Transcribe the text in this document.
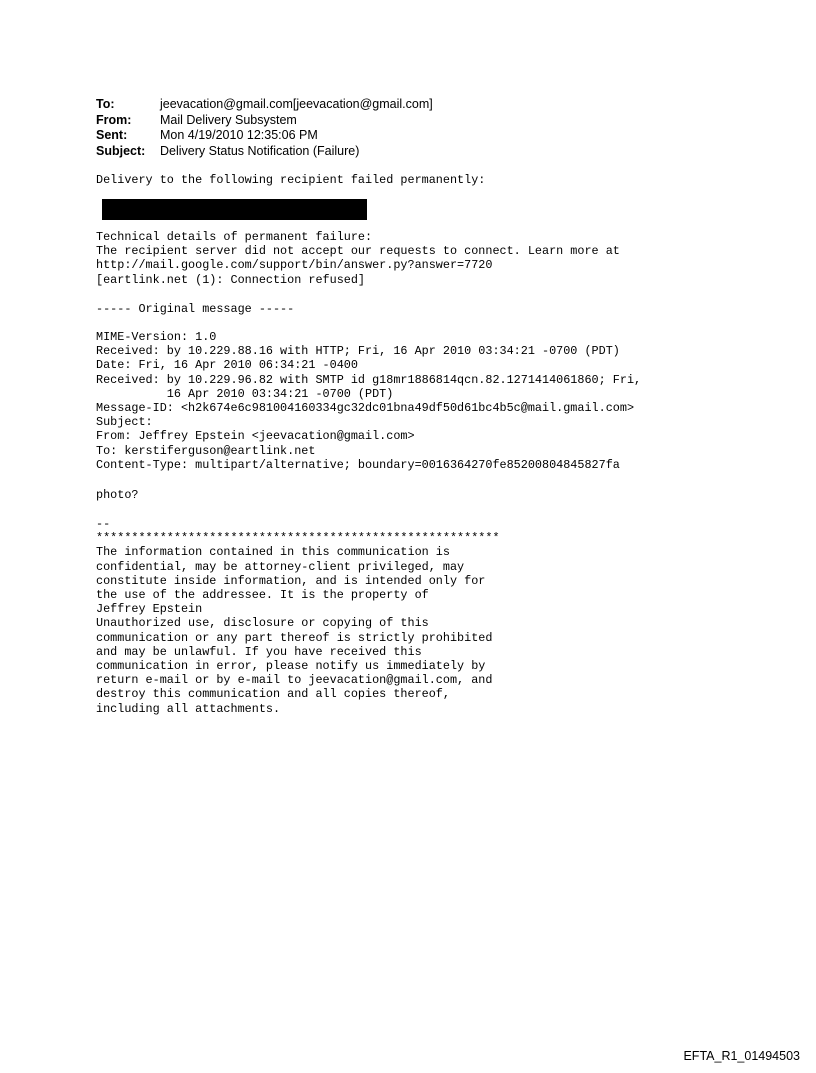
To:	jeevacation@gmail.com[jeevacation@gmail.com]
From:	Mail Delivery Subsystem
Sent:	Mon 4/19/2010 12:35:06 PM
Subject:	Delivery Status Notification (Failure)
Delivery to the following recipient failed permanently:
Technical details of permanent failure:
The recipient server did not accept our requests to connect. Learn more at
http://mail.google.com/support/bin/answer.py?answer=7720
[eartlink.net (1): Connection refused]
----- Original message -----
MIME-Version: 1.0
Received: by 10.229.88.16 with HTTP; Fri, 16 Apr 2010 03:34:21 -0700 (PDT)
Date: Fri, 16 Apr 2010 06:34:21 -0400
Received: by 10.229.96.82 with SMTP id g18mr1886814qcn.82.1271414061860; Fri,
16 Apr 2010 03:34:21 -0700 (PDT)
Message-ID: <h2k674e6c981004160334gc32dc01bna49df50d61bc4b5c@mail.gmail.com>
Subject:
From: Jeffrey Epstein <jeevacation@gmail.com>
To: kerstiferguson@eartlink.net
Content-Type: multipart/alternative; boundary=0016364270fe85200804845827fa
photo?
--
*********************************************************
The information contained in this communication is
confidential, may be attorney-client privileged, may
constitute inside information, and is intended only for
the use of the addressee. It is the property of
Jeffrey Epstein
Unauthorized use, disclosure or copying of this
communication or any part thereof is strictly prohibited
and may be unlawful. If you have received this
communication in error, please notify us immediately by
return e-mail or by e-mail to jeevacation@gmail.com, and
destroy this communication and all copies thereof,
including all attachments.
EFTA_R1_01494503
